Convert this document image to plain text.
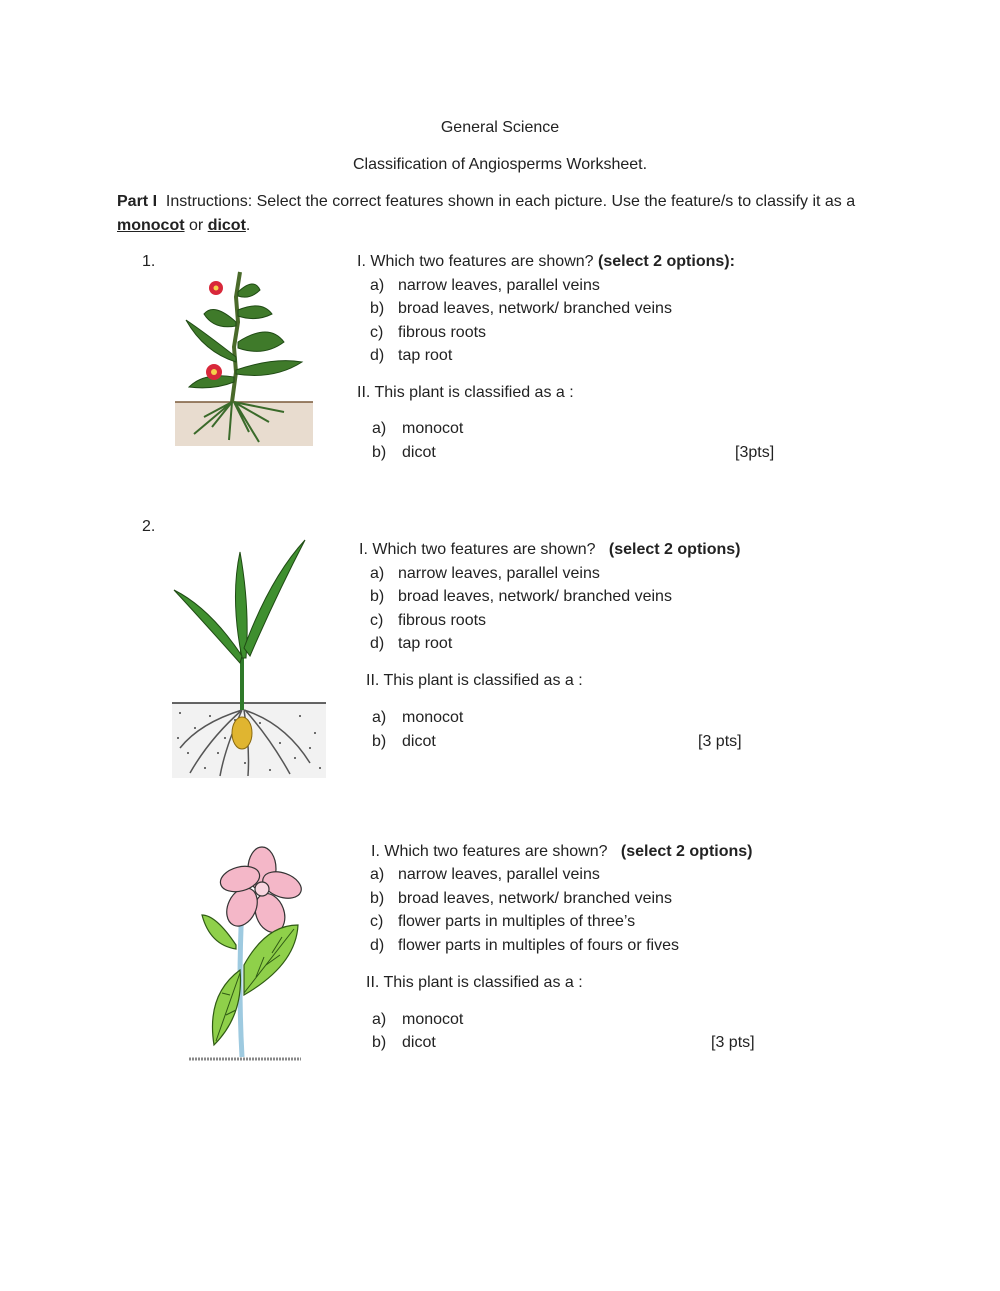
General Science
Classification of Angiosperms Worksheet.
Part I Instructions: Select the correct features shown in each picture. Use the feature/s to classify it as a
monocot or dicot.
1.	I. Which two features are shown? (select 2 options):
a) narrow leaves, parallel veins
b) broad leaves, network/ branched veins
c) fibrous roots
d) tap root
II. This plant is classified as a :
a) monocot
b) dicot	[3pts]
2.
I. Which two features are shown? (select 2 options)
a) narrow leaves, parallel veins
b) broad leaves, network/ branched veins
c) fibrous roots
d) tap root
II. This plant is classified as a :
a) monocot
b) dicot	[3 pts]
I. Which two features are shown? (select 2 options)
a) narrow leaves, parallel veins
b) broad leaves, network/ branched veins
c) flower parts in multiples of three’s
d) flower parts in multiples of fours or fives
II. This plant is classified as a :
a) monocot
b) dicot	[3 pts]
